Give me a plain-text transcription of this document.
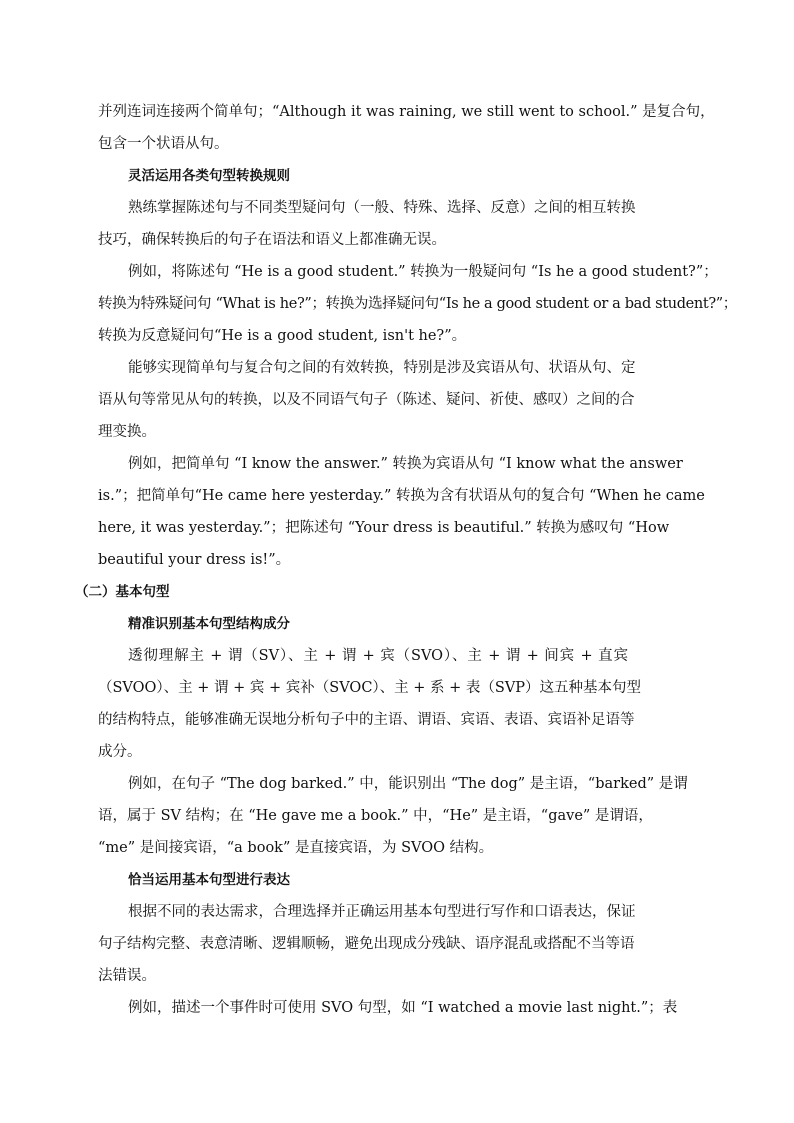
并列连词连接两个简单句；“Although it was raining, we still went to school.” 是复合句，
包含一个状语从句。
灵活运用各类句型转换规则
熟练掌握陈述句与不同类型疑问句（一般、特殊、选择、反意）之间的相互转换
技巧，确保转换后的句子在语法和语义上都准确无误。
例如，将陈述句 “He is a good student.” 转换为一般疑问句 “Is he a good student?”；
转换为特殊疑问句 “What is he?”；转换为选择疑问句“Is he a good student or a bad student?”；
转换为反意疑问句“He is a good student, isn't he?”。
能够实现简单句与复合句之间的有效转换，特别是涉及宾语从句、状语从句、定
语从句等常见从句的转换，以及不同语气句子（陈述、疑问、祈使、感叹）之间的合
理变换。
例如，把简单句 “I know the answer.” 转换为宾语从句 “I know what the answer
is.”；把简单句“He came here yesterday.” 转换为含有状语从句的复合句 “When he came
here, it was yesterday.”；把陈述句 “Your dress is beautiful.” 转换为感叹句 “How
beautiful your dress is!”。
（二）基本句型
精准识别基本句型结构成分
透彻理解主 + 谓（SV）、主 + 谓 + 宾（SVO）、主 + 谓 + 间宾 + 直宾
（SVOO）、主 + 谓 + 宾 + 宾补（SVOC）、主 + 系 + 表（SVP）这五种基本句型
的结构特点，能够准确无误地分析句子中的主语、谓语、宾语、表语、宾语补足语等
成分。
例如，在句子 “The dog barked.” 中，能识别出 “The dog” 是主语，“barked” 是谓
语，属于 SV 结构；在 “He gave me a book.” 中，“He” 是主语，“gave” 是谓语，
“me” 是间接宾语，“a book” 是直接宾语，为 SVOO 结构。
恰当运用基本句型进行表达
根据不同的表达需求，合理选择并正确运用基本句型进行写作和口语表达，保证
句子结构完整、表意清晰、逻辑顺畅，避免出现成分残缺、语序混乱或搭配不当等语
法错误。
例如，描述一个事件时可使用 SVO 句型，如 “I watched a movie last night.”；表
